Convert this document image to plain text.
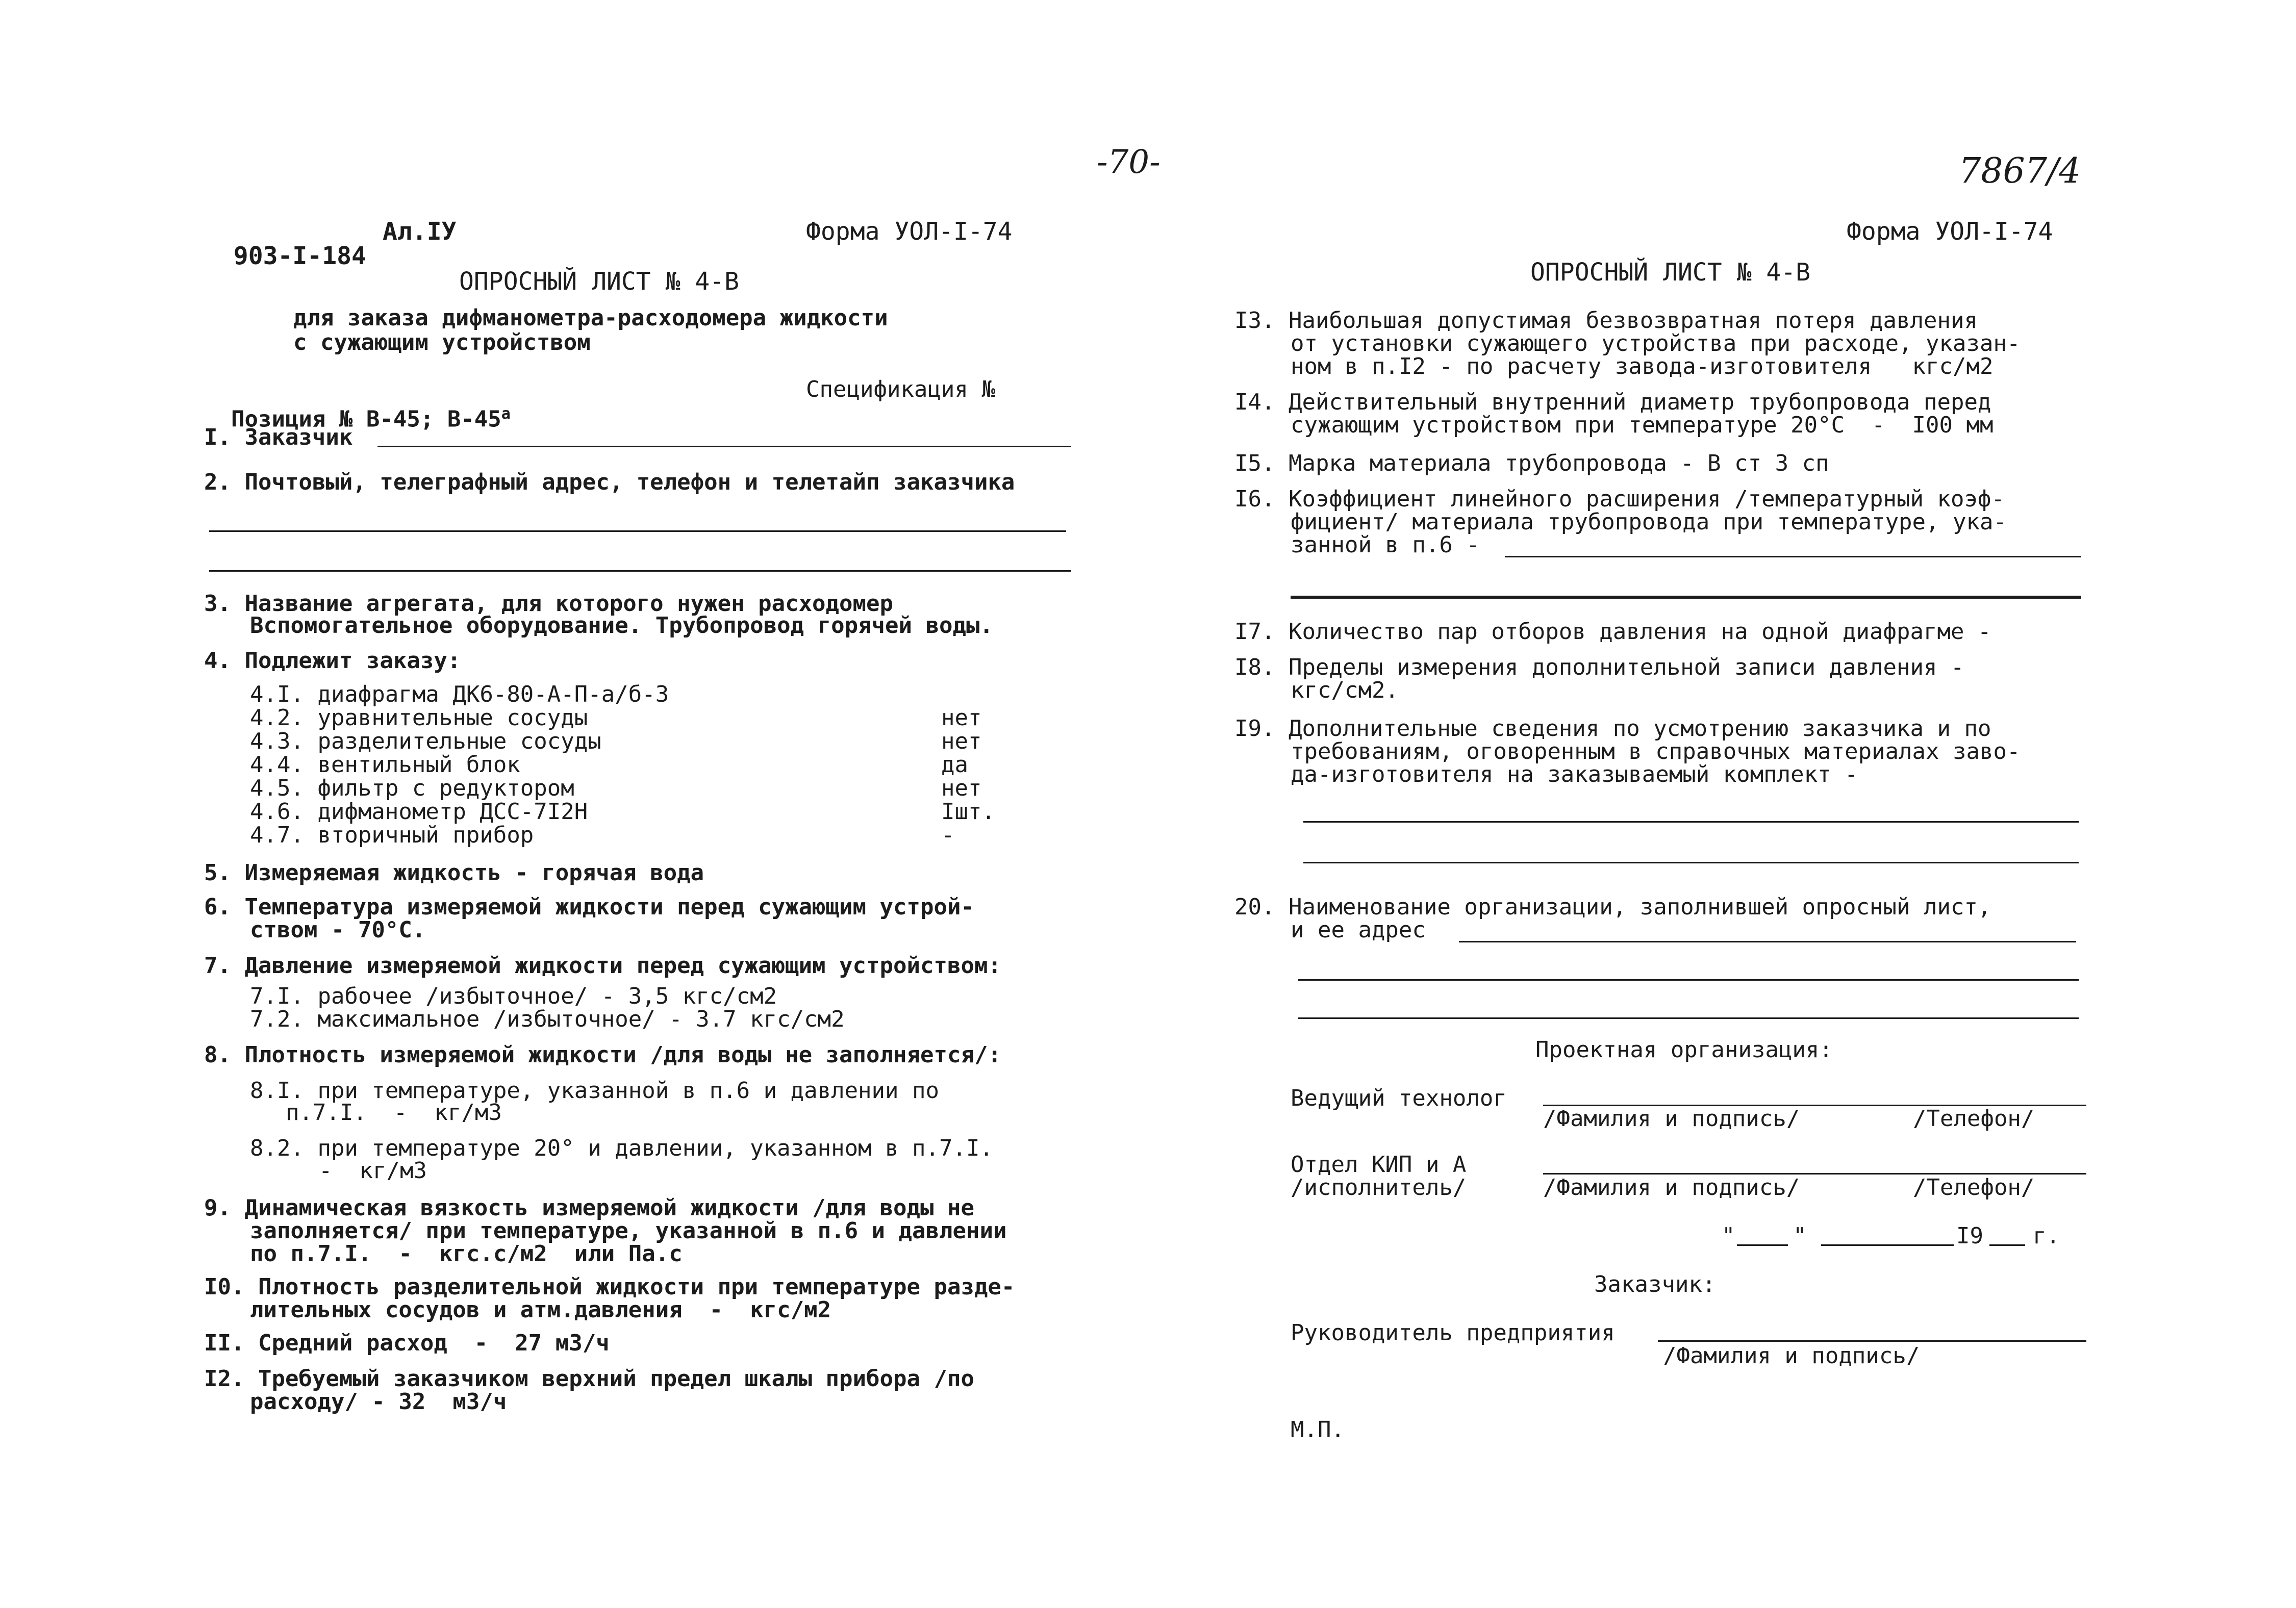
-70-	7867/4

903-I-184

Ал.IУ	Форма УОЛ-I-74	Форма УОЛ-I-74
ОПРОСНЫЙ ЛИСТ № 4-В
для заказа дифманометра-расходомера жидкости
с сужающим устройством

Позиция № В-45; $В-45^а$

Спецификация №
I. Заказчик
2. Почтовый, телеграфный адрес, телефон и телетайп заказчика
3. Название агрегата, для которого нужен расходомер
Вспомогательное оборудование. Трубопровод горячей воды.
4. Подлежит заказу:
4.I. диафрагма ДК6-80-А-П-а/б-3
4.2. уравнительные сосуды	нет
4.3. разделительные сосуды	нет
4.4. вентильный блок	да
4.5. фильтр с редуктором	нет
4.6. дифманометр ДСС-7I2Н	Iшт.
4.7. вторичный прибор	-
5. Измеряемая жидкость - горячая вода
6. Температура измеряемой жидкости перед сужающим устрой-
ством - 70°С.
7. Давление измеряемой жидкости перед сужающим устройством:
7.I. рабочее /избыточное/ - 3,5 кгс/см2
7.2. максимальное /избыточное/ - 3.7 кгс/см2
8. Плотность измеряемой жидкости /для воды не заполняется/:
8.I. при температуре, указанной в п.6 и давлении по
п.7.I.  -  кг/м3
8.2. при температуре 20° и давлении, указанном в п.7.I.
-  кг/м3
9. Динамическая вязкость измеряемой жидкости /для воды не
заполняется/ при температуре, указанной в п.6 и давлении
по п.7.I.  -  кгс.с/м2  или Па.с
I0. Плотность разделительной жидкости при температуре разде-
лительных сосудов и атм.давления  -  кгс/м2
II. Средний расход  -  27 м3/ч
I2. Требуемый заказчиком верхний предел шкалы прибора /по
расходу/ - 32  м3/ч
ОПРОСНЫЙ ЛИСТ № 4-В
I3. Наибольшая допустимая безвозвратная потеря давления
от установки сужающего устройства при расходе, указан-
ном в п.I2 - по расчету завода-изготовителя   кгс/м2
I4. Действительный внутренний диаметр трубопровода перед
сужающим устройством при температуре 20°С  -  I00 мм
I5. Марка материала трубопровода - В ст 3 сп
I6. Коэффициент линейного расширения /температурный коэф-
фициент/ материала трубопровода при температуре, ука-
занной в п.6 -
I7. Количество пар отборов давления на одной диафрагме -
I8. Пределы измерения дополнительной записи давления -
кгс/см2.
I9. Дополнительные сведения по усмотрению заказчика и по
требованиям, оговоренным в справочных материалах заво-
да-изготовителя на заказываемый комплект -
20. Наименование организации, заполнившей опросный лист,
и ее адрес
Проектная организация:
Ведущий технолог
/Фамилия и подпись/	/Телефон/
Отдел КИП и А
/исполнитель/	/Фамилия и подпись/	/Телефон/
"	"	I9 г.
Заказчик:
Руководитель предприятия
/Фамилия и подпись/
М.П.
